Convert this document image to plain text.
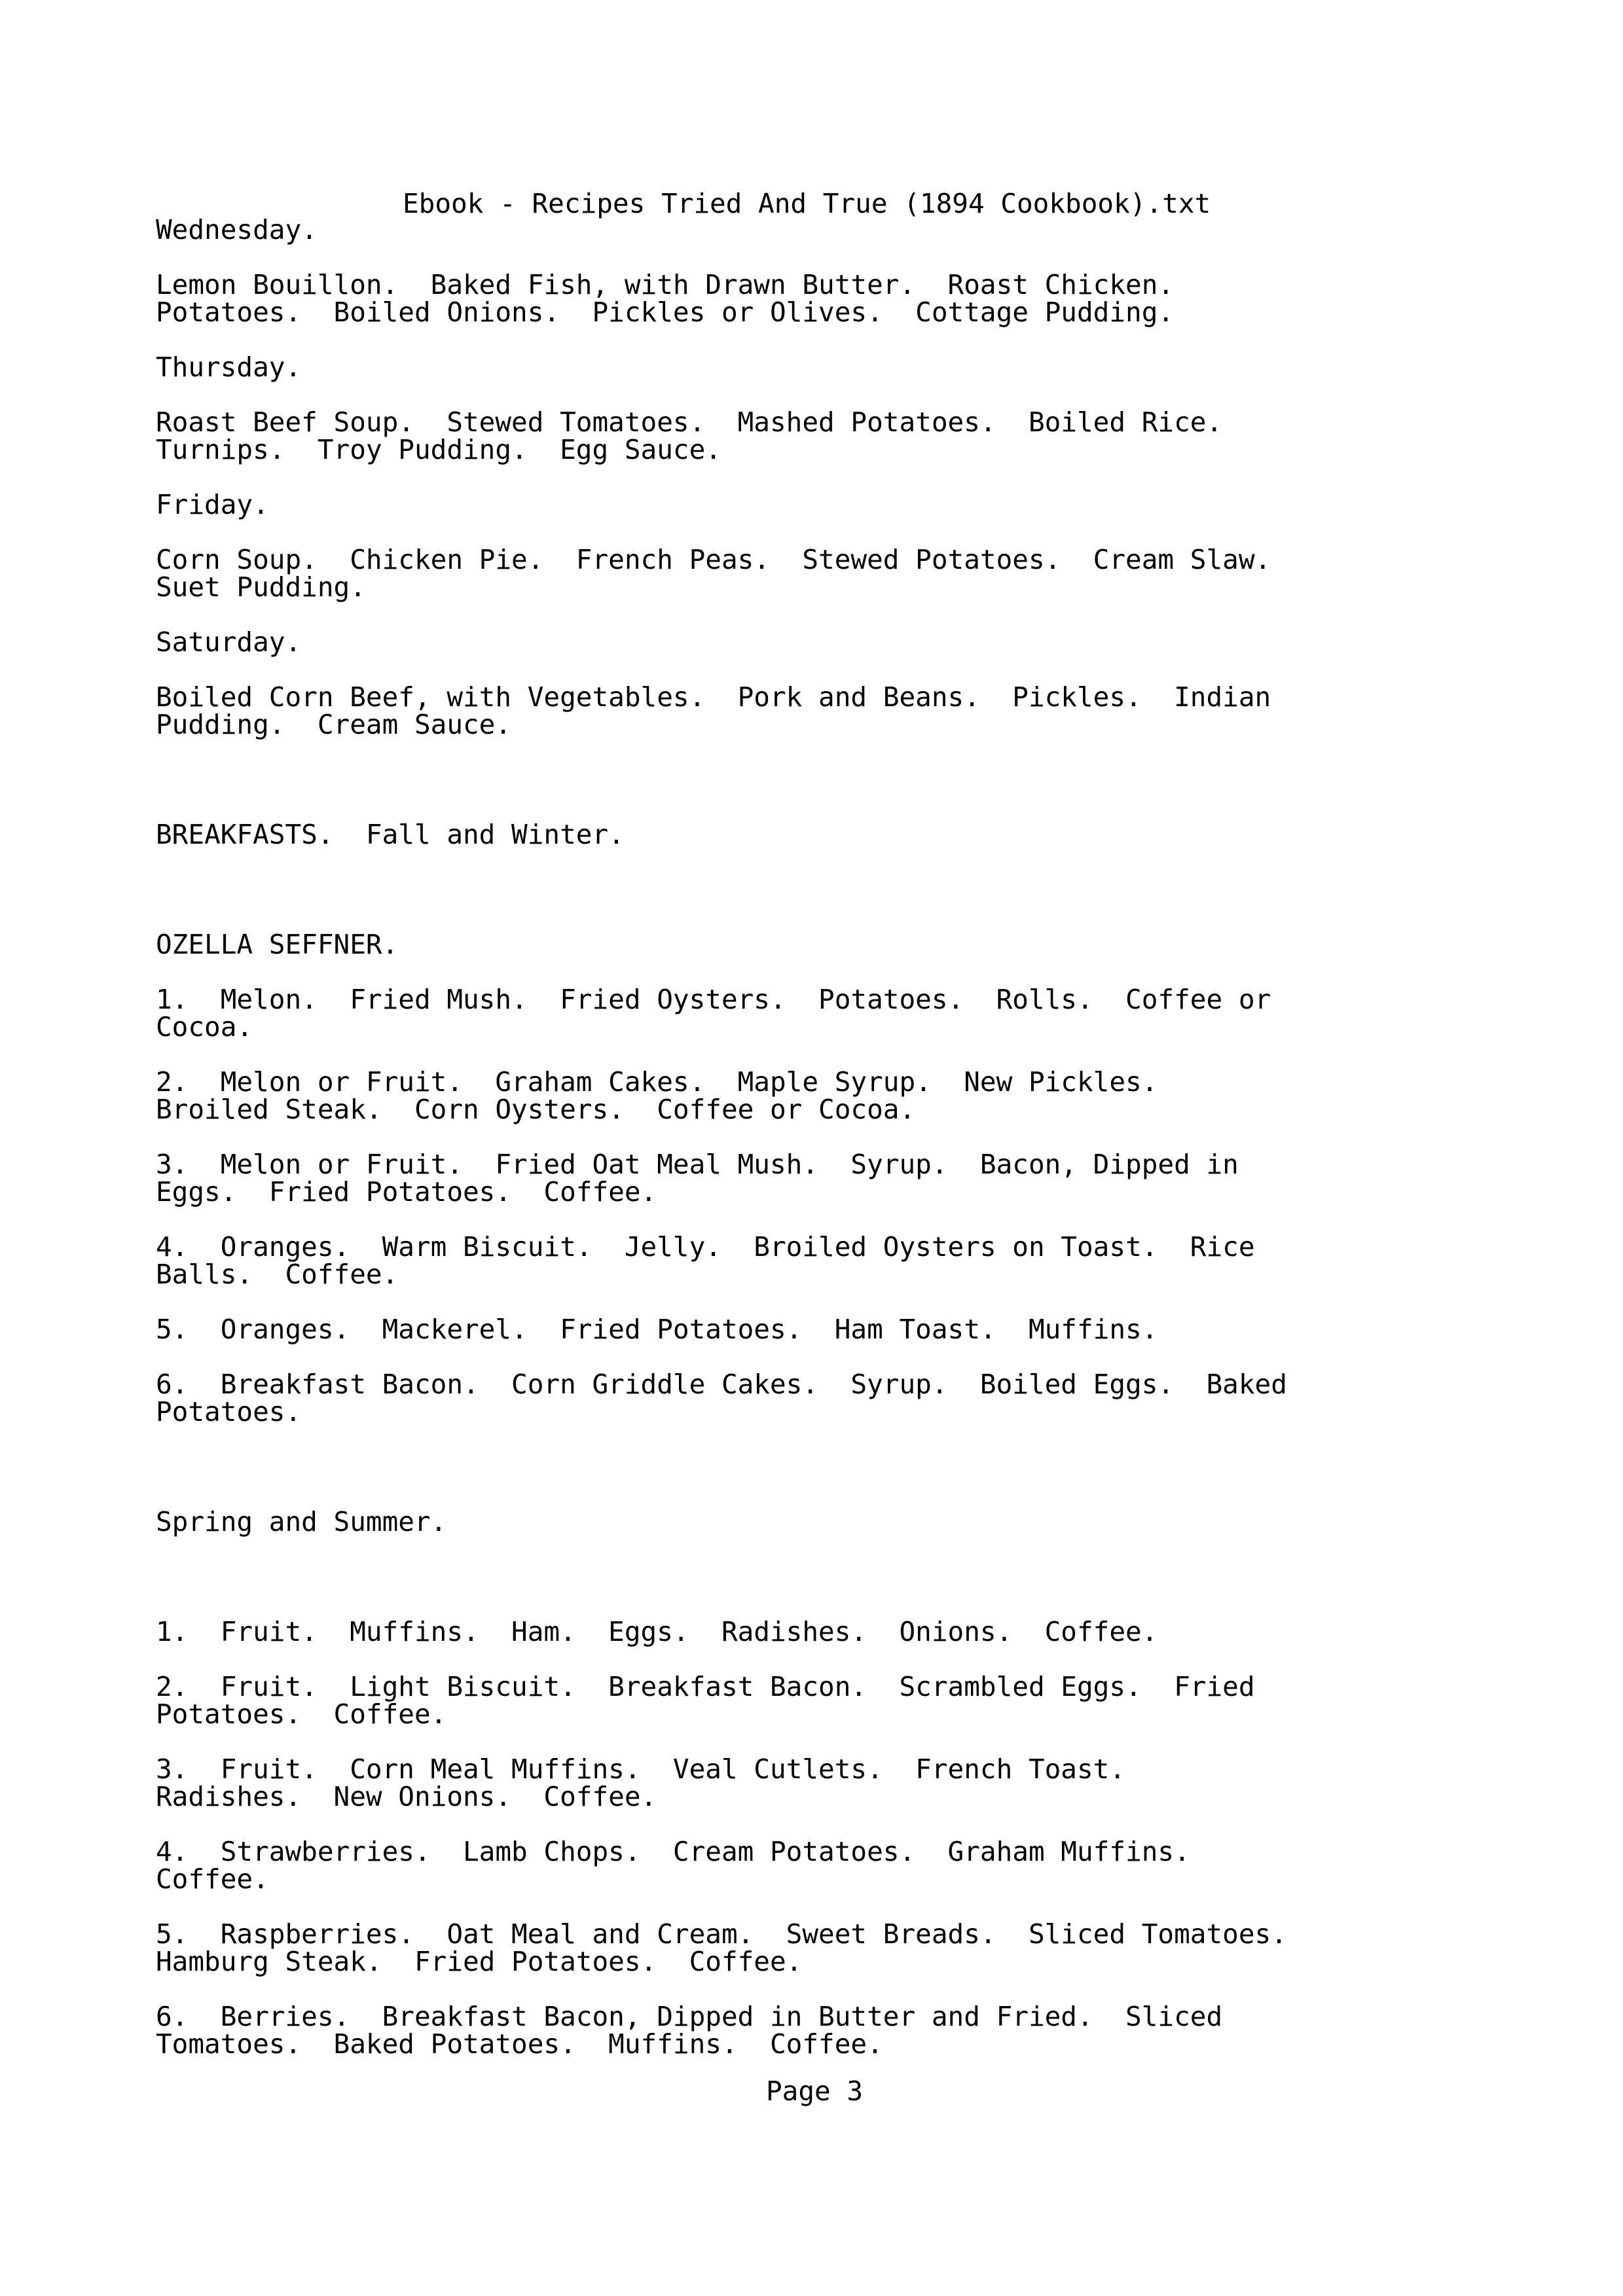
Ebook - Recipes Tried And True (1894 Cookbook).txt
Wednesday.
Lemon Bouillon.  Baked Fish, with Drawn Butter.  Roast Chicken.
Potatoes.  Boiled Onions.  Pickles or Olives.  Cottage Pudding.
Thursday.
Roast Beef Soup.  Stewed Tomatoes.  Mashed Potatoes.  Boiled Rice.
Turnips.  Troy Pudding.  Egg Sauce.
Friday.
Corn Soup.  Chicken Pie.  French Peas.  Stewed Potatoes.  Cream Slaw.
Suet Pudding.
Saturday.
Boiled Corn Beef, with Vegetables.  Pork and Beans.  Pickles.  Indian
Pudding.  Cream Sauce.
BREAKFASTS.  Fall and Winter.
OZELLA SEFFNER.
1.  Melon.  Fried Mush.  Fried Oysters.  Potatoes.  Rolls.  Coffee or
Cocoa.
2.  Melon or Fruit.  Graham Cakes.  Maple Syrup.  New Pickles.
Broiled Steak.  Corn Oysters.  Coffee or Cocoa.
3.  Melon or Fruit.  Fried Oat Meal Mush.  Syrup.  Bacon, Dipped in
Eggs.  Fried Potatoes.  Coffee.
4.  Oranges.  Warm Biscuit.  Jelly.  Broiled Oysters on Toast.  Rice
Balls.  Coffee.
5.  Oranges.  Mackerel.  Fried Potatoes.  Ham Toast.  Muffins.
6.  Breakfast Bacon.  Corn Griddle Cakes.  Syrup.  Boiled Eggs.  Baked
Potatoes.
Spring and Summer.
1.  Fruit.  Muffins.  Ham.  Eggs.  Radishes.  Onions.  Coffee.
2.  Fruit.  Light Biscuit.  Breakfast Bacon.  Scrambled Eggs.  Fried
Potatoes.  Coffee.
3.  Fruit.  Corn Meal Muffins.  Veal Cutlets.  French Toast.
Radishes.  New Onions.  Coffee.
4.  Strawberries.  Lamb Chops.  Cream Potatoes.  Graham Muffins.
Coffee.
5.  Raspberries.  Oat Meal and Cream.  Sweet Breads.  Sliced Tomatoes.
Hamburg Steak.  Fried Potatoes.  Coffee.
6.  Berries.  Breakfast Bacon, Dipped in Butter and Fried.  Sliced
Tomatoes.  Baked Potatoes.  Muffins.  Coffee.
Page 3
